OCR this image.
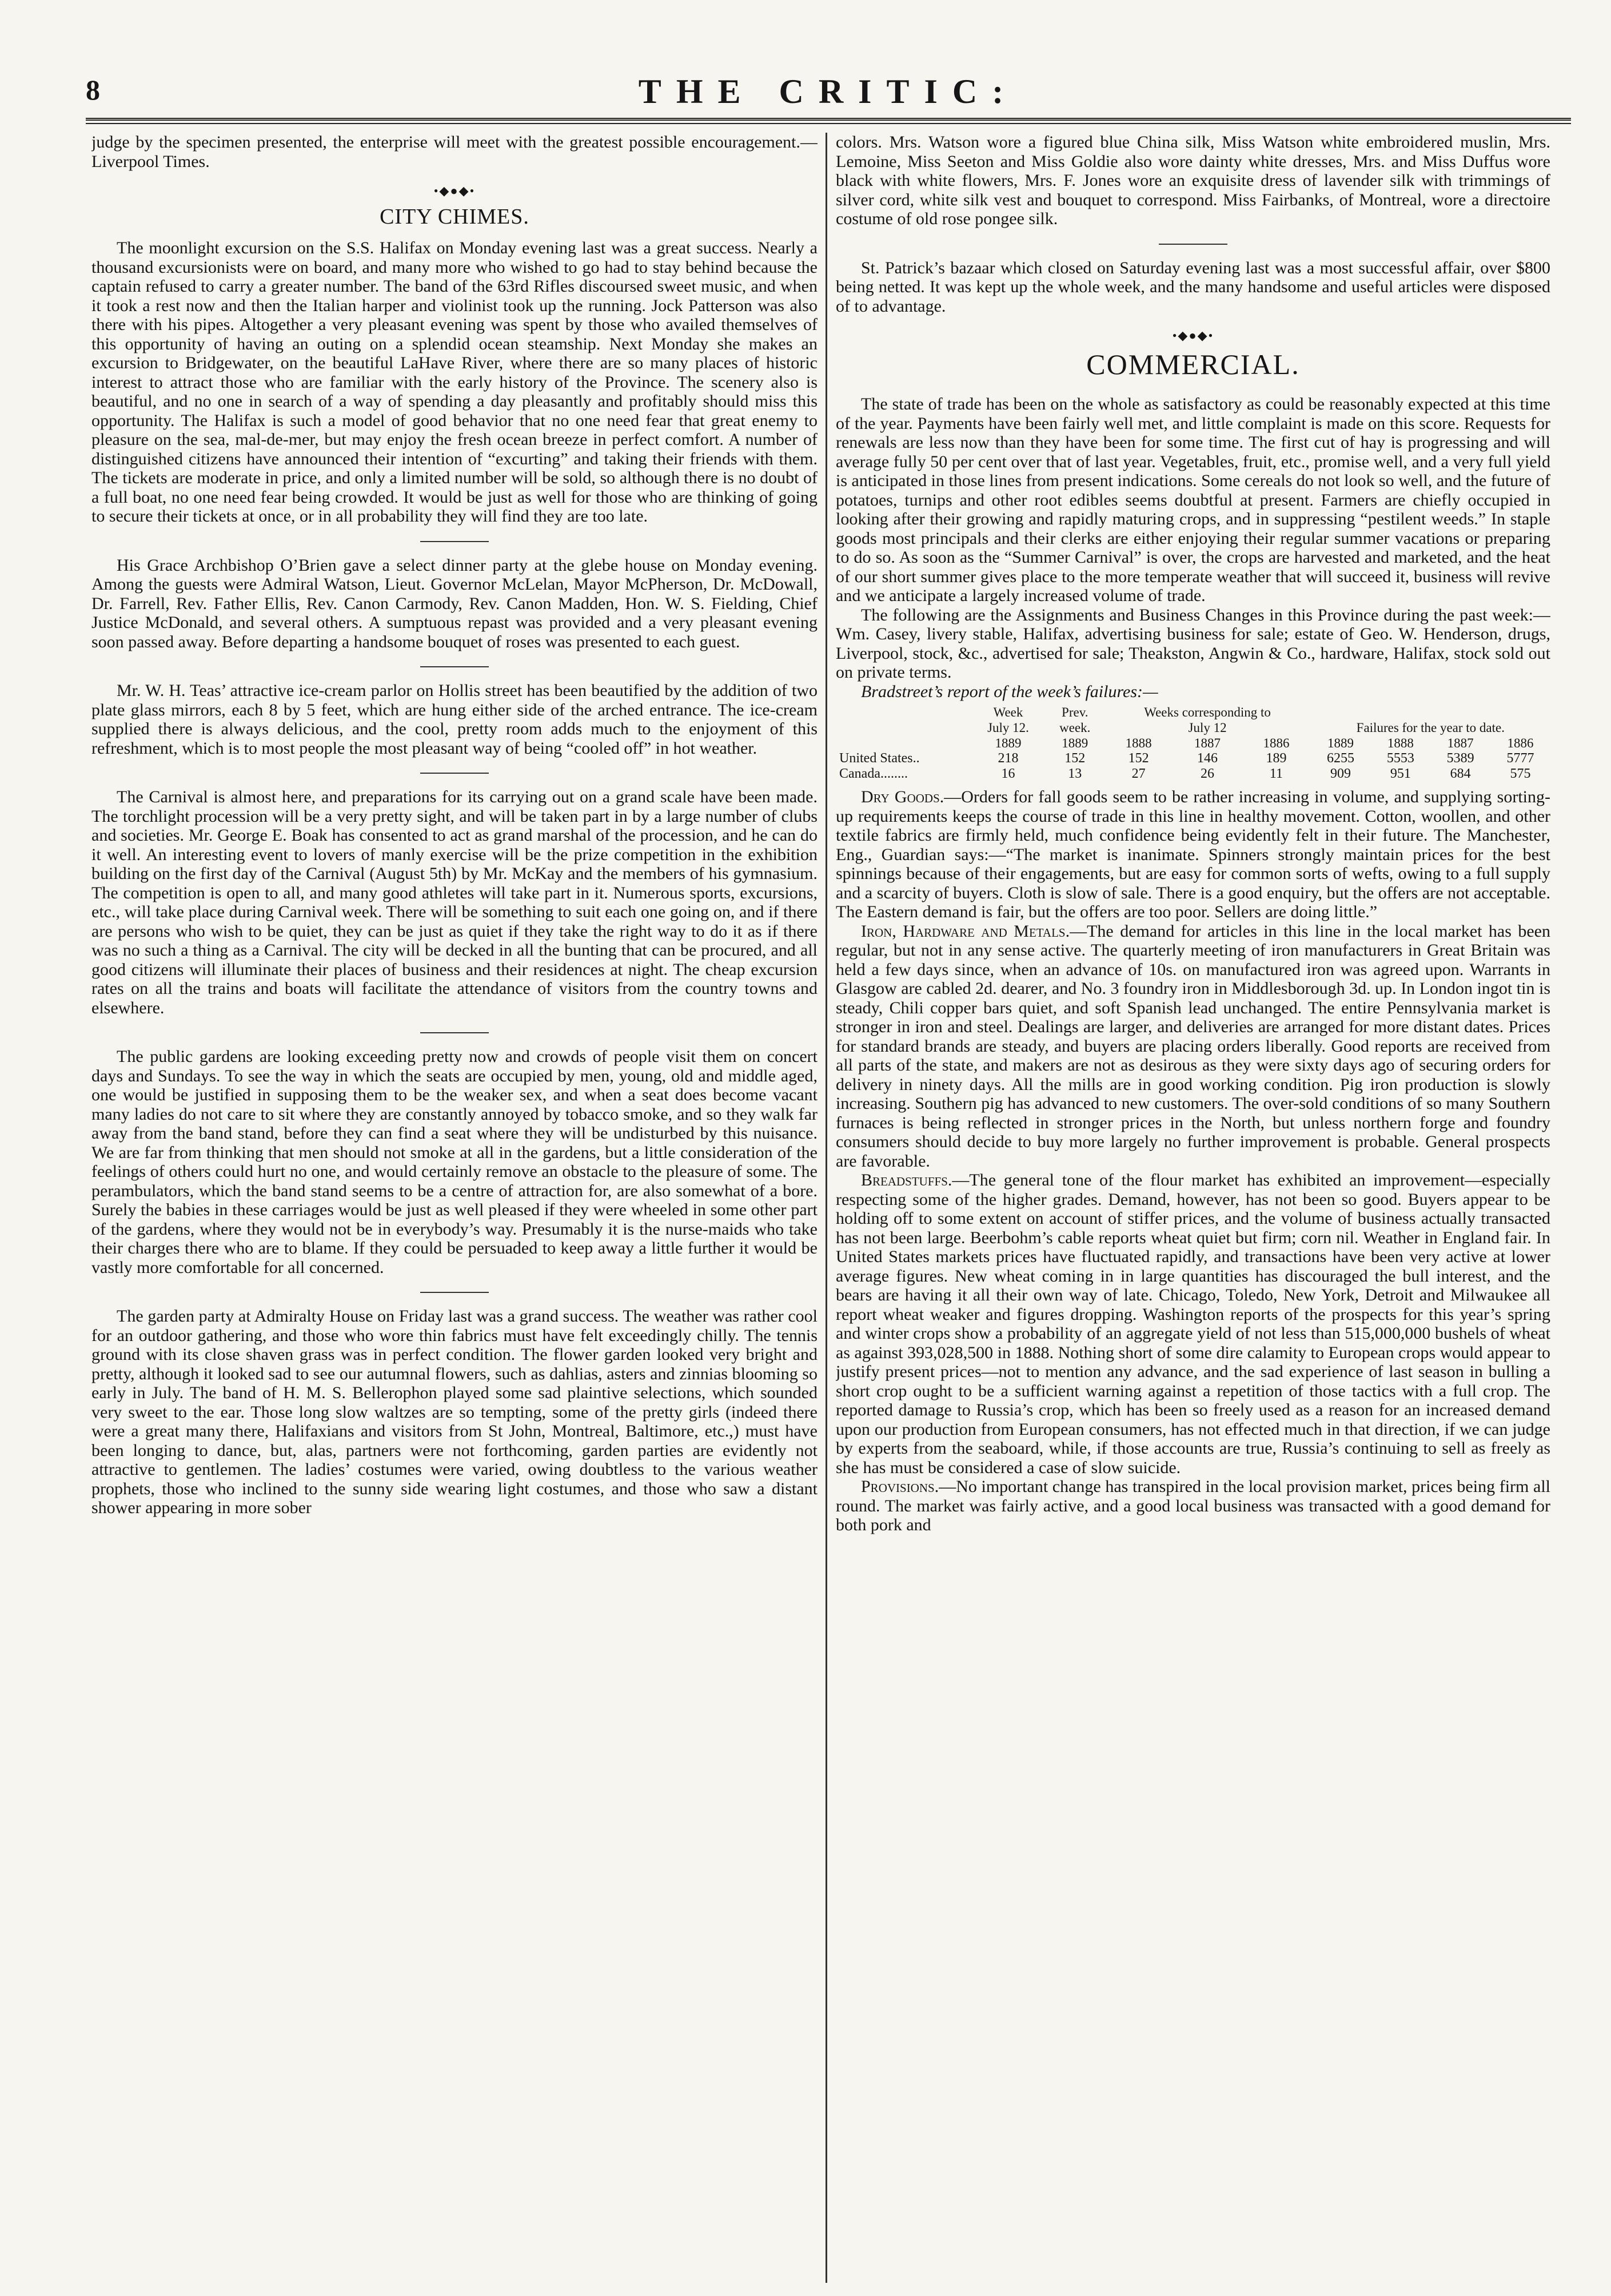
8	THE CRITIC:

judge by the specimen presented, the enterprise will meet with the greatest possible encouragement.—Liverpool Times.

•◆●◆•
CITY CHIMES.

The moonlight excursion on the S.S. Halifax on Monday evening last was a great success. Nearly a thousand excursionists were on board, and many more who wished to go had to stay behind because the captain refused to carry a greater number. The band of the 63rd Rifles discoursed sweet music, and when it took a rest now and then the Italian harper and violinist took up the running. Jock Patterson was also there with his pipes. Altogether a very pleasant evening was spent by those who availed themselves of this opportunity of having an outing on a splendid ocean steamship. Next Monday she makes an excursion to Bridgewater, on the beautiful LaHave River, where there are so many places of historic interest to attract those who are familiar with the early history of the Province. The scenery also is beautiful, and no one in search of a way of spending a day pleasantly and profitably should miss this opportunity. The Halifax is such a model of good behavior that no one need fear that great enemy to pleasure on the sea, mal-de-mer, but may enjoy the fresh ocean breeze in perfect comfort. A number of distinguished citizens have announced their intention of “excurting” and taking their friends with them. The tickets are moderate in price, and only a limited number will be sold, so although there is no doubt of a full boat, no one need fear being crowded. It would be just as well for those who are thinking of going to secure their tickets at once, or in all probability they will find they are too late.

His Grace Archbishop O’Brien gave a select dinner party at the glebe house on Monday evening. Among the guests were Admiral Watson, Lieut. Governor McLelan, Mayor McPherson, Dr. McDowall, Dr. Farrell, Rev. Father Ellis, Rev. Canon Carmody, Rev. Canon Madden, Hon. W. S. Fielding, Chief Justice McDonald, and several others. A sumptuous repast was provided and a very pleasant evening soon passed away. Before departing a handsome bouquet of roses was presented to each guest.

Mr. W. H. Teas’ attractive ice-cream parlor on Hollis street has been beautified by the addition of two plate glass mirrors, each 8 by 5 feet, which are hung either side of the arched entrance. The ice-cream supplied there is always delicious, and the cool, pretty room adds much to the enjoyment of this refreshment, which is to most people the most pleasant way of being “cooled off” in hot weather.

The Carnival is almost here, and preparations for its carrying out on a grand scale have been made. The torchlight procession will be a very pretty sight, and will be taken part in by a large number of clubs and societies. Mr. George E. Boak has consented to act as grand marshal of the procession, and he can do it well. An interesting event to lovers of manly exercise will be the prize competition in the exhibition building on the first day of the Carnival (August 5th) by Mr. McKay and the members of his gymnasium. The competition is open to all, and many good athletes will take part in it. Numerous sports, excursions, etc., will take place during Carnival week. There will be something to suit each one going on, and if there are persons who wish to be quiet, they can be just as quiet if they take the right way to do it as if there was no such a thing as a Carnival. The city will be decked in all the bunting that can be procured, and all good citizens will illuminate their places of business and their residences at night. The cheap excursion rates on all the trains and boats will facilitate the attendance of visitors from the country towns and elsewhere.

The public gardens are looking exceeding pretty now and crowds of people visit them on concert days and Sundays. To see the way in which the seats are occupied by men, young, old and middle aged, one would be justified in supposing them to be the weaker sex, and when a seat does become vacant many ladies do not care to sit where they are constantly annoyed by tobacco smoke, and so they walk far away from the band stand, before they can find a seat where they will be undisturbed by this nuisance. We are far from thinking that men should not smoke at all in the gardens, but a little consideration of the feelings of others could hurt no one, and would certainly remove an obstacle to the pleasure of some. The perambulators, which the band stand seems to be a centre of attraction for, are also somewhat of a bore. Surely the babies in these carriages would be just as well pleased if they were wheeled in some other part of the gardens, where they would not be in everybody’s way. Presumably it is the nurse-maids who take their charges there who are to blame. If they could be persuaded to keep away a little further it would be vastly more comfortable for all concerned.

The garden party at Admiralty House on Friday last was a grand success. The weather was rather cool for an outdoor gathering, and those who wore thin fabrics must have felt exceedingly chilly. The tennis ground with its close shaven grass was in perfect condition. The flower garden looked very bright and pretty, although it looked sad to see our autumnal flowers, such as dahlias, asters and zinnias blooming so early in July. The band of H. M. S. Bellerophon played some sad plaintive selections, which sounded very sweet to the ear. Those long slow waltzes are so tempting, some of the pretty girls (indeed there were a great many there, Halifaxians and visitors from St John, Montreal, Baltimore, etc.,) must have been longing to dance, but, alas, partners were not forthcoming, garden parties are evidently not attractive to gentlemen. The ladies’ costumes were varied, owing doubtless to the various weather prophets, those who inclined to the sunny side wearing light costumes, and those who saw a distant shower appearing in more sober

colors. Mrs. Watson wore a figured blue China silk, Miss Watson white embroidered muslin, Mrs. Lemoine, Miss Seeton and Miss Goldie also wore dainty white dresses, Mrs. and Miss Duffus wore black with white flowers, Mrs. F. Jones wore an exquisite dress of lavender silk with trimmings of silver cord, white silk vest and bouquet to correspond. Miss Fairbanks, of Montreal, wore a directoire costume of old rose pongee silk.

St. Patrick’s bazaar which closed on Saturday evening last was a most successful affair, over $800 being netted. It was kept up the whole week, and the many handsome and useful articles were disposed of to advantage.

•◆●◆•
COMMERCIAL.

The state of trade has been on the whole as satisfactory as could be reasonably expected at this time of the year. Payments have been fairly well met, and little complaint is made on this score. Requests for renewals are less now than they have been for some time. The first cut of hay is progressing and will average fully 50 per cent over that of last year. Vegetables, fruit, etc., promise well, and a very full yield is anticipated in those lines from present indications. Some cereals do not look so well, and the future of potatoes, turnips and other root edibles seems doubtful at present. Farmers are chiefly occupied in looking after their growing and rapidly maturing crops, and in suppressing “pestilent weeds.” In staple goods most principals and their clerks are either enjoying their regular summer vacations or preparing to do so. As soon as the “Summer Carnival” is over, the crops are harvested and marketed, and the heat of our short summer gives place to the more temperate weather that will succeed it, business will revive and we anticipate a largely increased volume of trade.

The following are the Assignments and Business Changes in this Province during the past week:—Wm. Casey, livery stable, Halifax, advertising business for sale; estate of Geo. W. Henderson, drugs, Liverpool, stock, &c., advertised for sale; Theakston, Angwin & Co., hardware, Halifax, stock sold out on private terms.

Bradstreet’s report of the week’s failures:—

	Week	Prev.	Weeks corresponding to						
	July 12.	week.	July 12			Failures for the year to date.			
	1889	1889	1888	1887	1886	1889	1888	1887	1886
United States..	218	152	152	146	189	6255	5553	5389	5777
Canada........	16	13	27	26	11	909	951	684	575

Dry Goods.—Orders for fall goods seem to be rather increasing in volume, and supplying sorting-up requirements keeps the course of trade in this line in healthy movement. Cotton, woollen, and other textile fabrics are firmly held, much confidence being evidently felt in their future. The Manchester, Eng., Guardian says:—“The market is inanimate. Spinners strongly maintain prices for the best spinnings because of their engagements, but are easy for common sorts of wefts, owing to a full supply and a scarcity of buyers. Cloth is slow of sale. There is a good enquiry, but the offers are not acceptable. The Eastern demand is fair, but the offers are too poor. Sellers are doing little.”

Iron, Hardware and Metals.—The demand for articles in this line in the local market has been regular, but not in any sense active. The quarterly meeting of iron manufacturers in Great Britain was held a few days since, when an advance of 10s. on manufactured iron was agreed upon. Warrants in Glasgow are cabled 2d. dearer, and No. 3 foundry iron in Middlesborough 3d. up. In London ingot tin is steady, Chili copper bars quiet, and soft Spanish lead unchanged. The entire Pennsylvania market is stronger in iron and steel. Dealings are larger, and deliveries are arranged for more distant dates. Prices for standard brands are steady, and buyers are placing orders liberally. Good reports are received from all parts of the state, and makers are not as desirous as they were sixty days ago of securing orders for delivery in ninety days. All the mills are in good working condition. Pig iron production is slowly increasing. Southern pig has advanced to new customers. The over-sold conditions of so many Southern furnaces is being reflected in stronger prices in the North, but unless northern forge and foundry consumers should decide to buy more largely no further improvement is probable. General prospects are favorable.

Breadstuffs.—The general tone of the flour market has exhibited an improvement—especially respecting some of the higher grades. Demand, however, has not been so good. Buyers appear to be holding off to some extent on account of stiffer prices, and the volume of business actually transacted has not been large. Beerbohm’s cable reports wheat quiet but firm; corn nil. Weather in England fair. In United States markets prices have fluctuated rapidly, and transactions have been very active at lower average figures. New wheat coming in in large quantities has discouraged the bull interest, and the bears are having it all their own way of late. Chicago, Toledo, New York, Detroit and Milwaukee all report wheat weaker and figures dropping. Washington reports of the prospects for this year’s spring and winter crops show a probability of an aggregate yield of not less than 515,000,000 bushels of wheat as against 393,028,500 in 1888. Nothing short of some dire calamity to European crops would appear to justify present prices—not to mention any advance, and the sad experience of last season in bulling a short crop ought to be a sufficient warning against a repetition of those tactics with a full crop. The reported damage to Russia’s crop, which has been so freely used as a reason for an increased demand upon our production from European consumers, has not effected much in that direction, if we can judge by experts from the seaboard, while, if those accounts are true, Russia’s continuing to sell as freely as she has must be considered a case of slow suicide.

Provisions.—No important change has transpired in the local provision market, prices being firm all round. The market was fairly active, and a good local business was transacted with a good demand for both pork and
